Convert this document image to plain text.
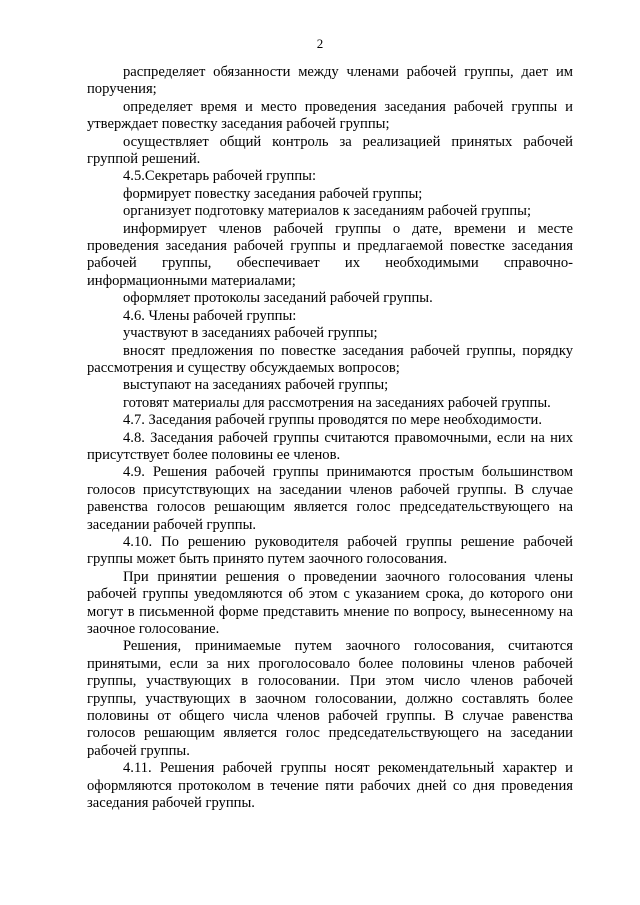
2

распределяет обязанности между членами рабочей группы, дает им поручения;

определяет время и место проведения заседания рабочей группы и утверждает повестку заседания рабочей группы;

осуществляет общий контроль за реализацией принятых рабочей группой решений.

4.5.Секретарь рабочей группы:

формирует повестку заседания рабочей группы;

организует подготовку материалов к заседаниям рабочей группы;

информирует членов рабочей группы о дате, времени и месте проведения заседания рабочей группы и предлагаемой повестке заседания рабочей группы, обеспечивает их необходимыми справочно-информационными материалами;

оформляет протоколы заседаний рабочей группы.

4.6. Члены рабочей группы:

участвуют в заседаниях рабочей группы;

вносят предложения по повестке заседания рабочей группы, порядку рассмотрения и существу обсуждаемых вопросов;

выступают на заседаниях рабочей группы;

готовят материалы для рассмотрения на заседаниях рабочей группы.

4.7. Заседания рабочей группы проводятся по мере необходимости.

4.8. Заседания рабочей группы считаются правомочными, если на них присутствует более половины ее членов.

4.9. Решения рабочей группы принимаются простым большинством голосов присутствующих на заседании членов рабочей группы. В случае равенства голосов решающим является голос председательствующего на заседании рабочей группы.

4.10. По решению руководителя рабочей группы решение рабочей группы может быть принято путем заочного голосования.

При принятии решения о проведении заочного голосования члены рабочей группы уведомляются об этом с указанием срока, до которого они могут в письменной форме представить мнение по вопросу, вынесенному на заочное голосование.

Решения, принимаемые путем заочного голосования, считаются принятыми, если за них проголосовало более половины членов рабочей группы, участвующих в голосовании. При этом число членов рабочей группы, участвующих в заочном голосовании, должно составлять более половины от общего числа членов рабочей группы. В случае равенства голосов решающим является голос председательствующего на заседании рабочей группы.

4.11. Решения рабочей группы носят рекомендательный характер и оформляются протоколом в течение пяти рабочих дней со дня проведения заседания рабочей группы.
